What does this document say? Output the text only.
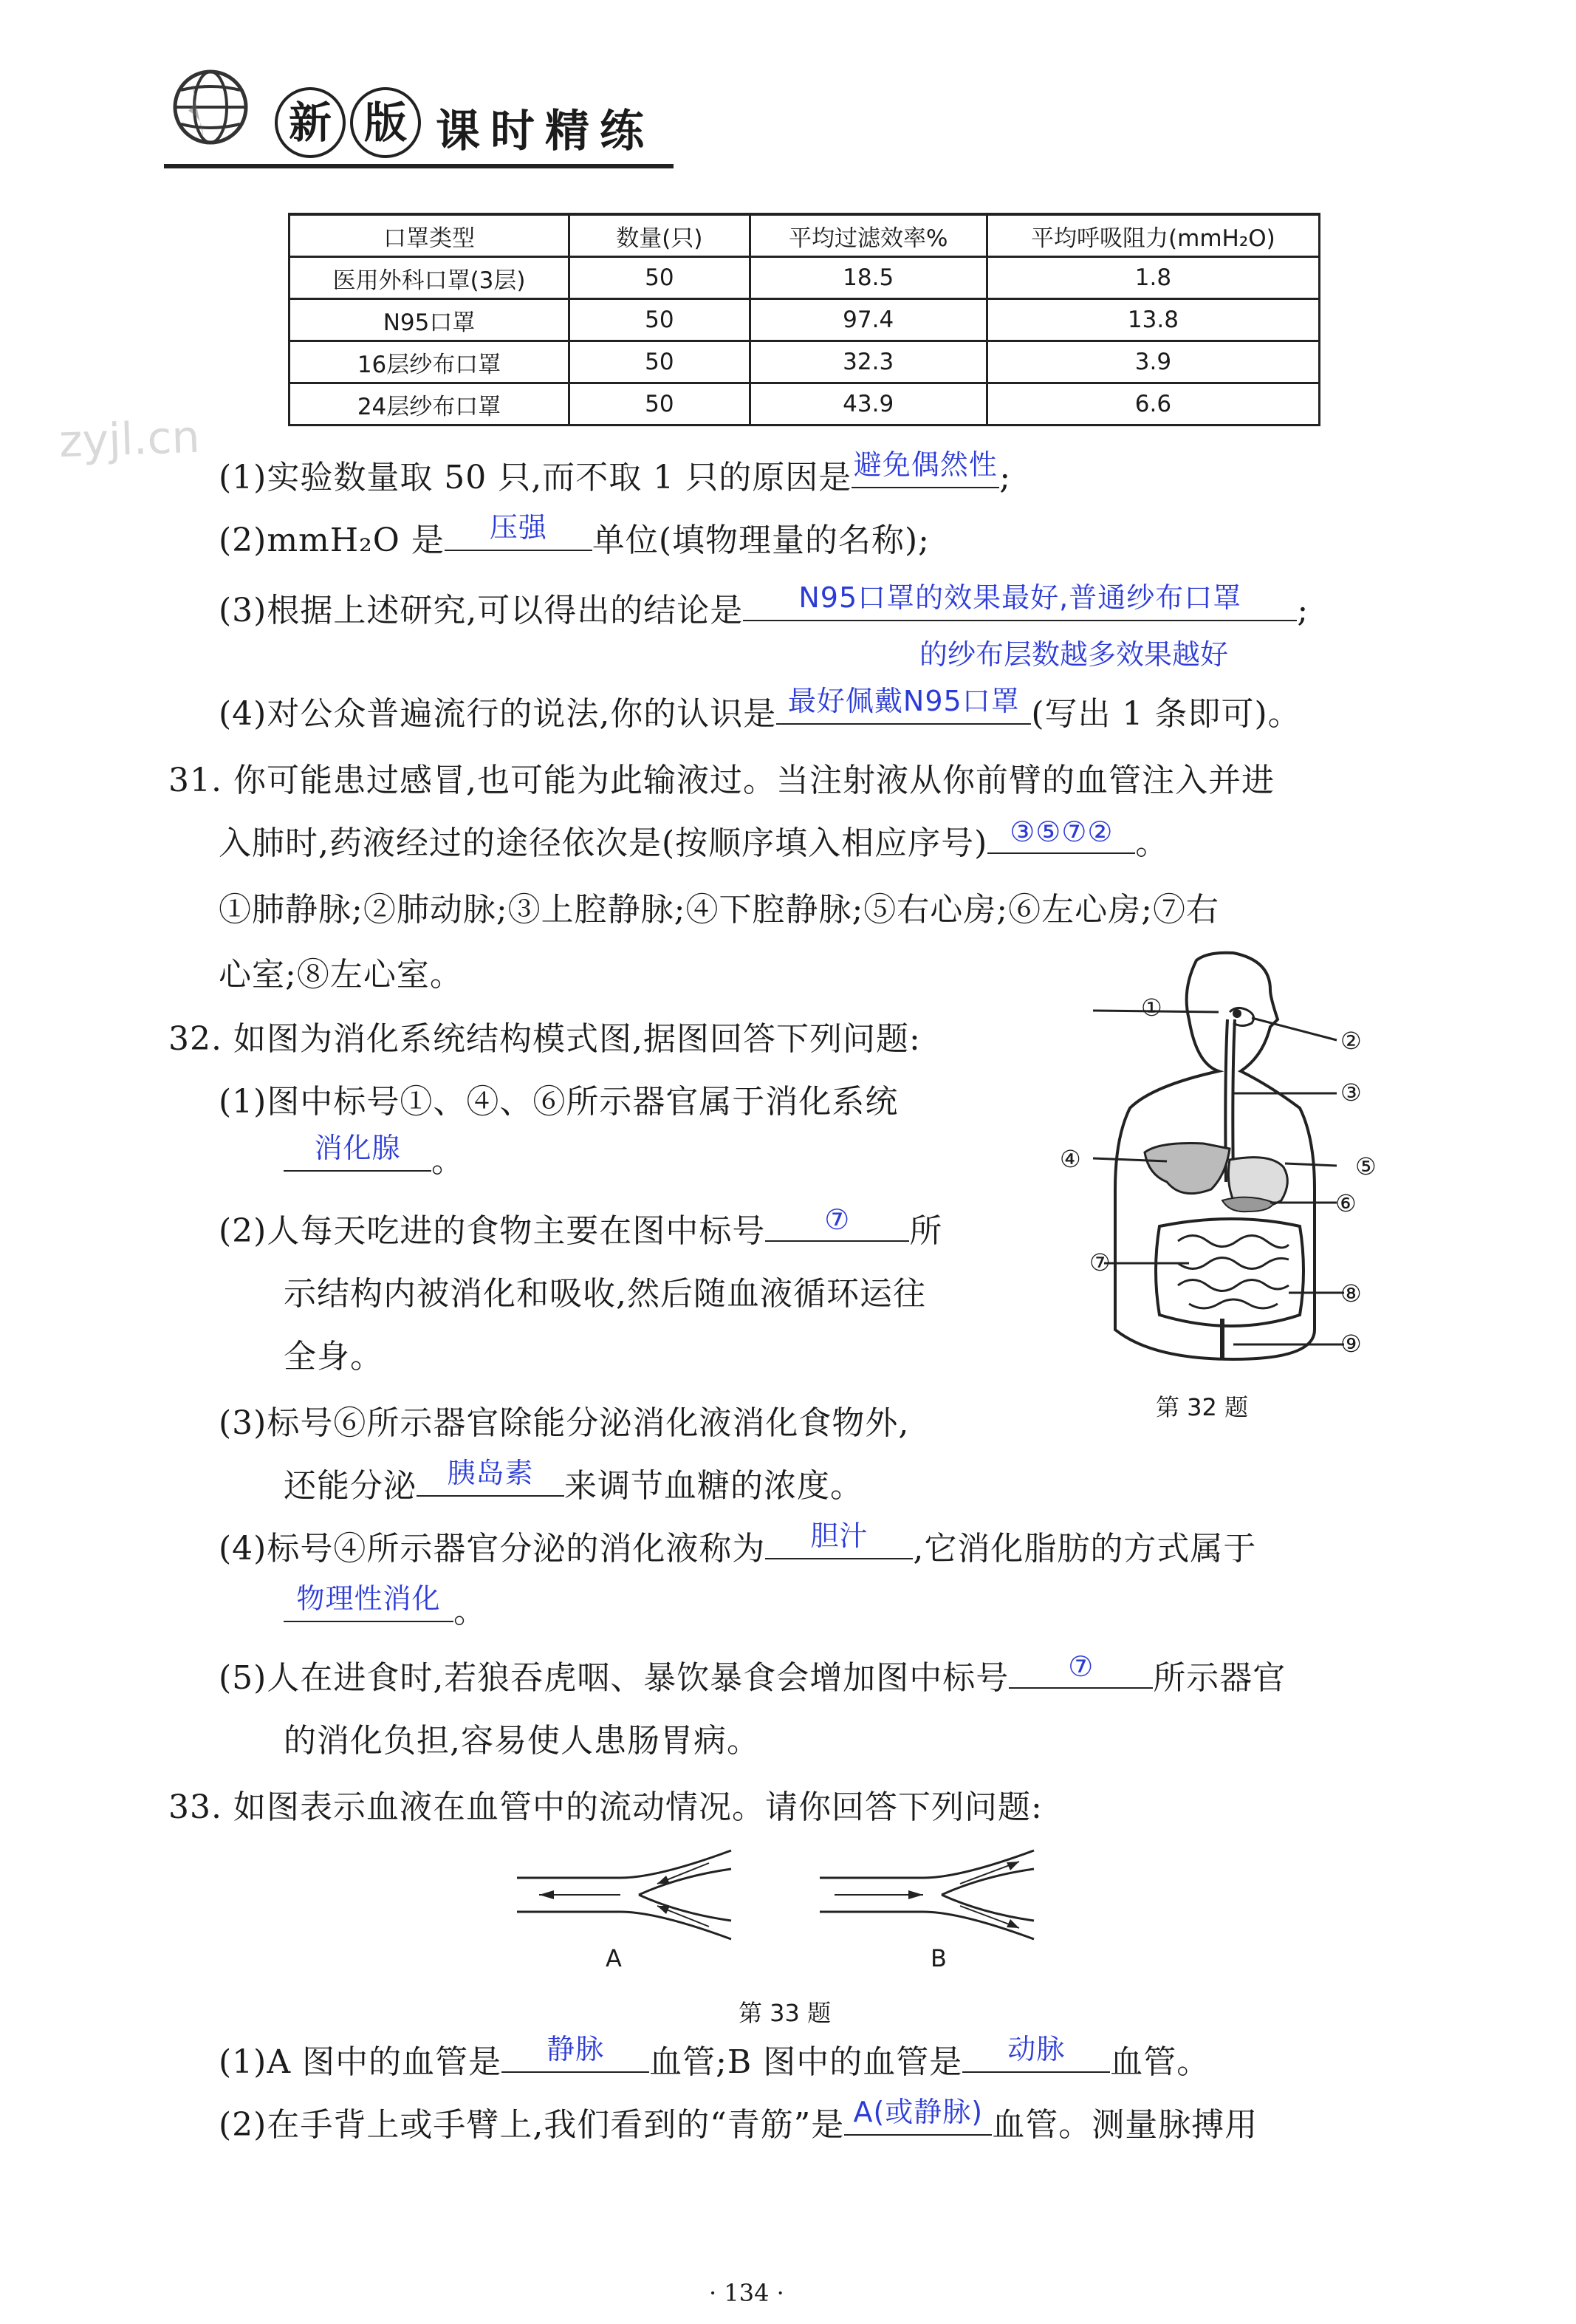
新 版 课时精练
zyjl.cn
口罩类型	数量(只)	平均过滤效率%	平均呼吸阻力(mmH₂O)
医用外科口罩(3层)	50	18.5	1.8
N95口罩	50	97.4	13.8
16层纱布口罩	50	32.3	3.9
24层纱布口罩	50	43.9	6.6
(1)实验数量取 50 只,而不取 1 只的原因是 避免偶然性 ;
(2)mmH₂O 是	压强	单位(填物理量的名称);
(3)根据上述研究,可以得出的结论是	N95口罩的效果最好,普通纱布口罩	;
的纱布层数越多效果越好
(4)对公众普遍流行的说法,你的认识是 最好佩戴N95口罩 (写出 1 条即可)。
31. 你可能患过感冒,也可能为此输液过。当注射液从你前臂的血管注入并进
入肺时,药液经过的途径依次是(按顺序填入相应序号) ③⑤⑦② 。
①肺静脉;②肺动脉;③上腔静脉;④下腔静脉;⑤右心房;⑥左心房;⑦右
心室;⑧左心室。
32. 如图为消化系统结构模式图,据图回答下列问题:
(1)图中标号①、④、⑥所示器官属于消化系统
消化腺 。
(2)人每天吃进的食物主要在图中标号	⑦	所
示结构内被消化和吸收,然后随血液循环运往
全身。
(3)标号⑥所示器官除能分泌消化液消化食物外,
还能分泌	胰岛素 来调节血糖的浓度。
(4)标号④所示器官分泌的消化液称为	胆汁	,它消化脂肪的方式属于
物理性消化 。
(5)人在进食时,若狼吞虎咽、暴饮暴食会增加图中标号	⑦	所示器官
的消化负担,容易使人患肠胃病。
①
②
③
④	⑤
⑥
⑦
⑧
⑨
第 32 题
33. 如图表示血液在血管中的流动情况。请你回答下列问题:
A	B
第 33 题
(1)A 图中的血管是	静脉	血管;B 图中的血管是	动脉	血管。
(2)在手背上或手臂上,我们看到的“青筋”是 A(或静脉) 血管。测量脉搏用
· 134 ·
